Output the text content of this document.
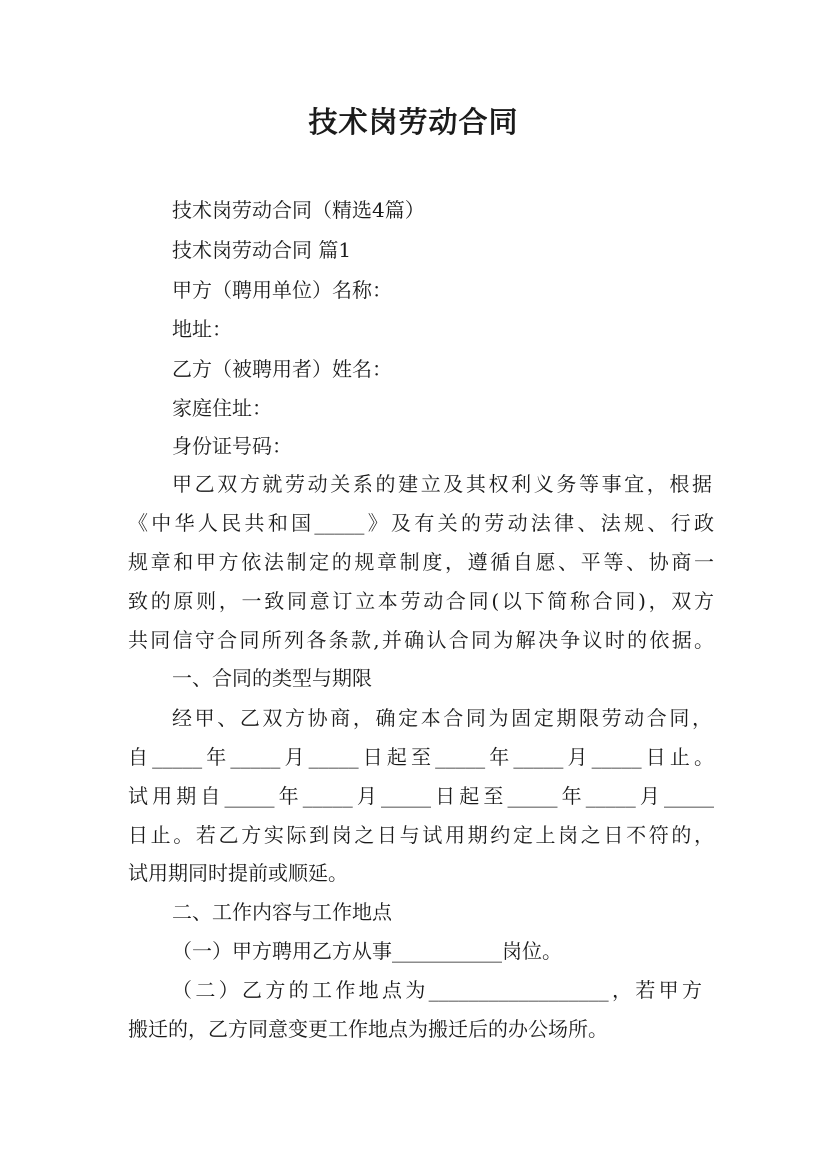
技术岗劳动合同
技术岗劳动合同（精选4篇）
技术岗劳动合同 篇1
甲方（聘用单位）名称：
地址：
乙方（被聘用者）姓名：
家庭住址：
身份证号码：
甲乙双方就劳动关系的建立及其权利义务等事宜，根据
《中华人民共和国_____》及有关的劳动法律、法规、行政
规章和甲方依法制定的规章制度，遵循自愿、平等、协商一
致的原则，一致同意订立本劳动合同(以下简称合同)，双方
共同信守合同所列各条款,并确认合同为解决争议时的依据。
一、合同的类型与期限
经甲、乙双方协商，确定本合同为固定期限劳动合同，
自_____年_____月_____日起至_____年_____月_____日止。
试用期自_____年_____月_____日起至_____年_____月_____
日止。若乙方实际到岗之日与试用期约定上岗之日不符的，
试用期同时提前或顺延。
二、工作内容与工作地点
（一）甲方聘用乙方从事___________岗位。
（二）乙方的工作地点为__________________，若甲方
搬迁的，乙方同意变更工作地点为搬迁后的办公场所。
